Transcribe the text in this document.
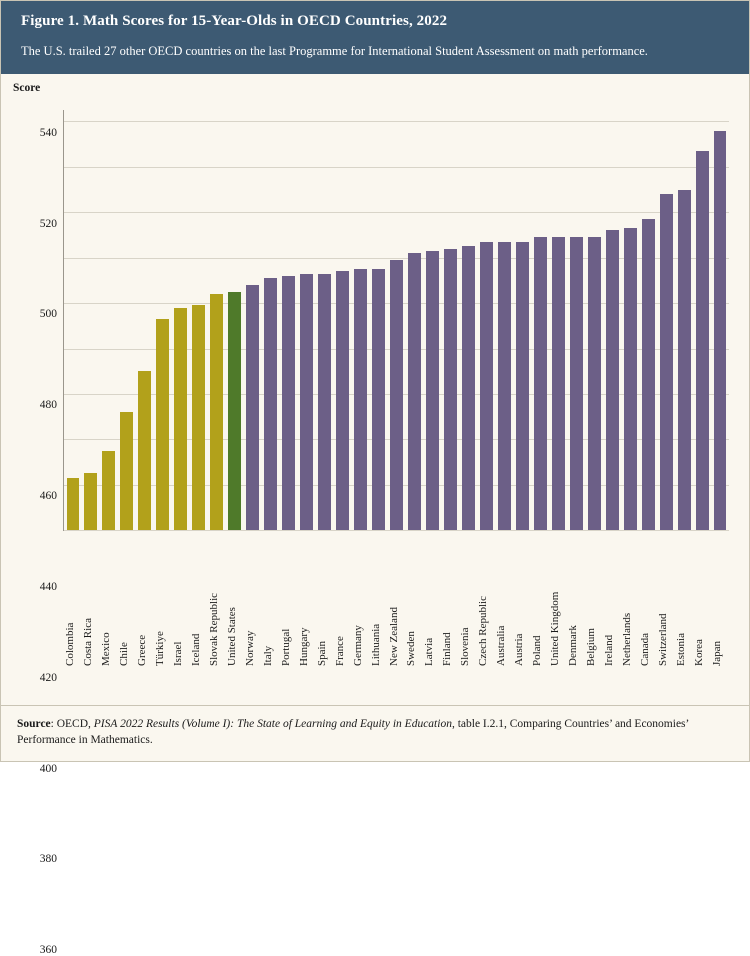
Figure 1. Math Scores for 15-Year-Olds in OECD Countries, 2022
The U.S. trailed 27 other OECD countries on the last Programme for International Student Assessment on math performance.
Score
360
380
400
420
440
460
480
500
520
540
Colombia Costa Rica Mexico Chile Greece Türkiye Israel Iceland Slovak Republic United States Norway Italy Portugal Hungary Spain France Germany Lithuania New Zealand Sweden Latvia Finland Slovenia Czech Republic Australia Austria Poland United Kingdom Denmark Belgium Ireland Netherlands Canada Switzerland Estonia Korea Japan
Source: OECD, PISA 2022 Results (Volume I): The State of Learning and Equity in Education, table I.2.1, Comparing Countries’ and Economies’ Performance in Mathematics.
